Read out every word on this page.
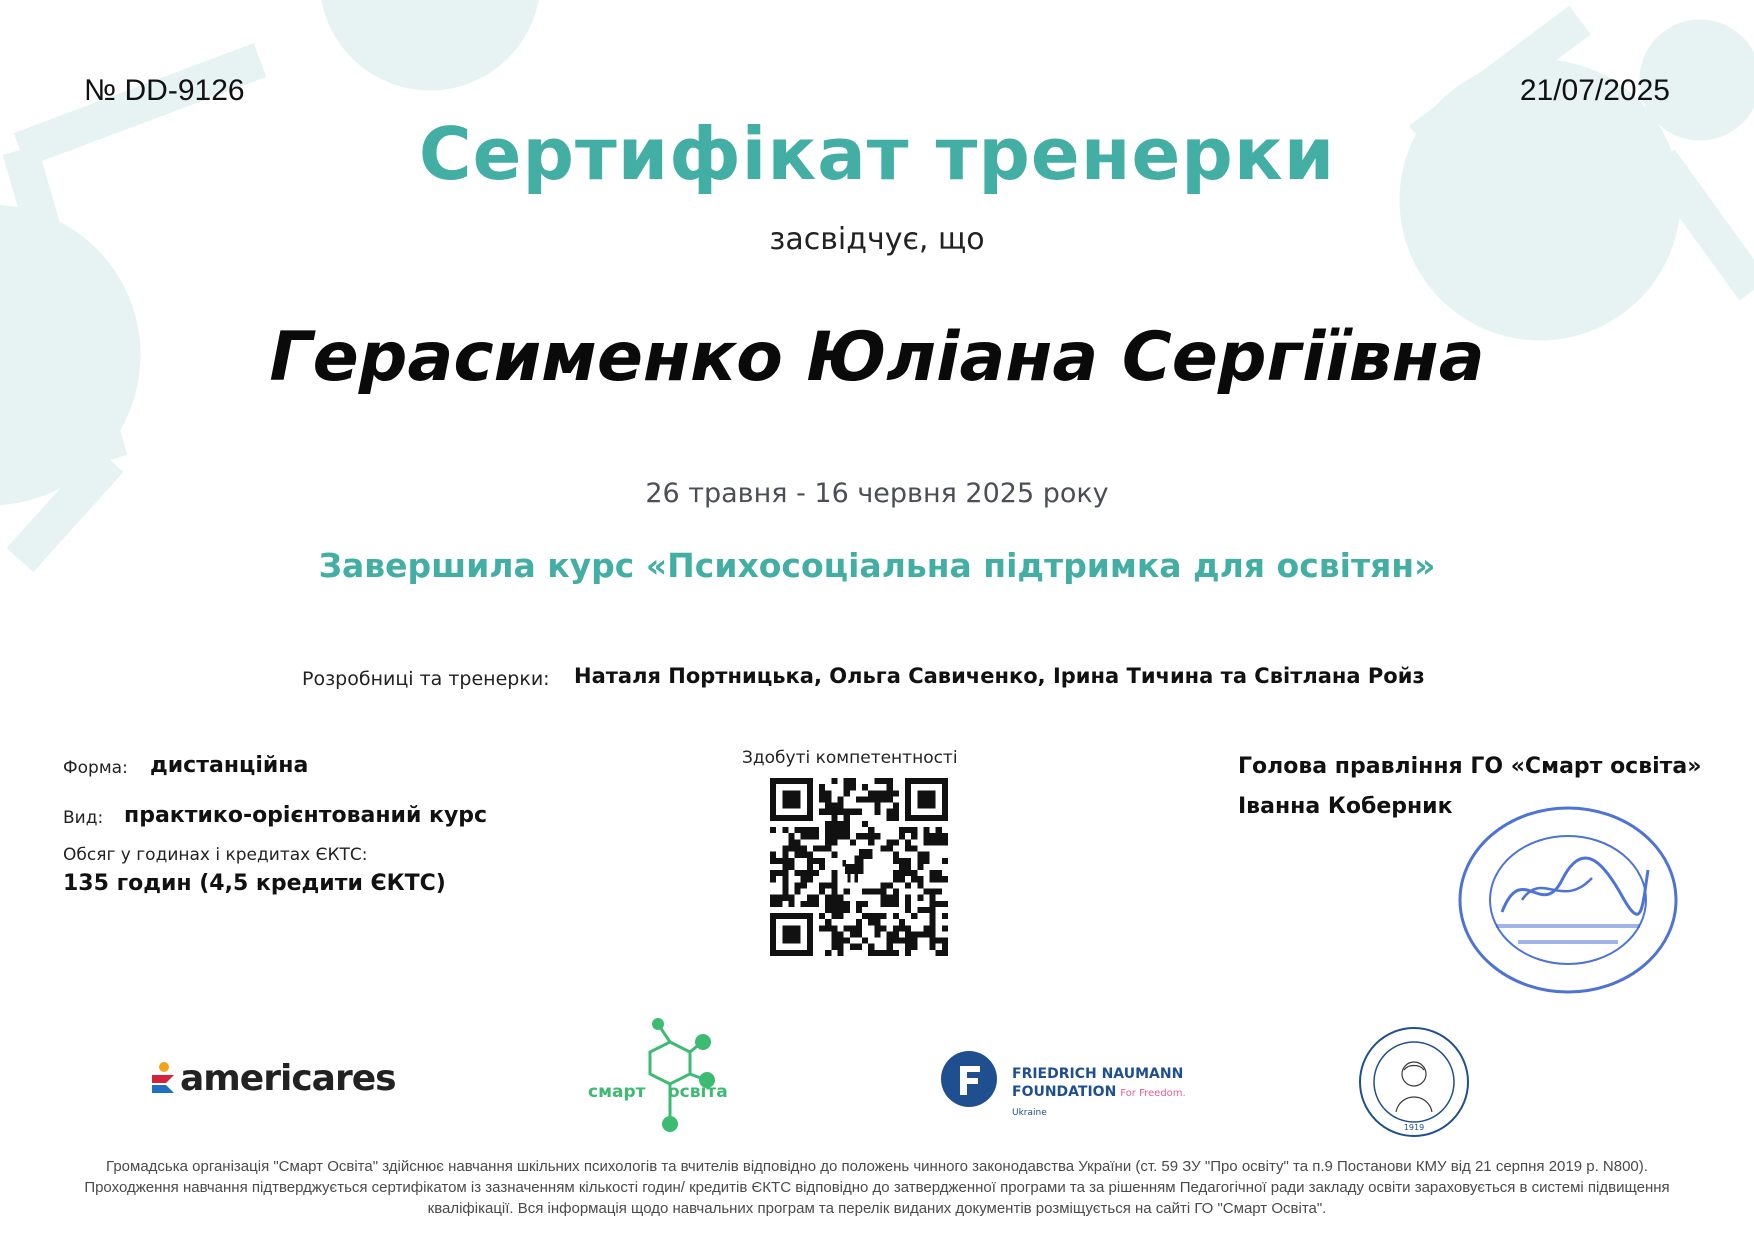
№ DD-9126	21/07/2025
Сертифікат тренерки
засвідчує, що
Герасименко Юліана Сергіївна
26 травня - 16 червня 2025 року
Завершила курс «Психосоціальна підтримка для освітян»
Розробниці та тренерки: Наталя Портницька, Ольга Савиченко, Ірина Тичина та Світлана Ройз
Форма: дистанційна
Вид: практико-орієнтований курс
Обсяг у годинах і кредитах ЄКТС:
135 годин (4,5 кредити ЄКТС)
Здобуті компетентності	Голова правління ГО «Смарт освіта»
Іванна Коберник
americares	смарт освіта
FRIEDRICH NAUMANN
FOUNDATION For Freedom.
Ukraine
1919
Громадська організація "Смарт Освіта" здійснює навчання шкільних психологів та вчителів відповідно до положень чинного законодавства України (ст. 59 ЗУ "Про освіту" та п.9 Постанови КМУ від 21 серпня 2019 р. N800). Проходження навчання підтверджується сертифікатом із зазначенням кількості годин/ кредитів ЄКТС відповідно до затвердженної програми та за рішенням Педагогічної ради закладу освіти зараховується в системі підвищення кваліфікації. Вся інформація щодо навчальних програм та перелік виданих документів розміщується на сайті ГО "Смарт Освіта".
